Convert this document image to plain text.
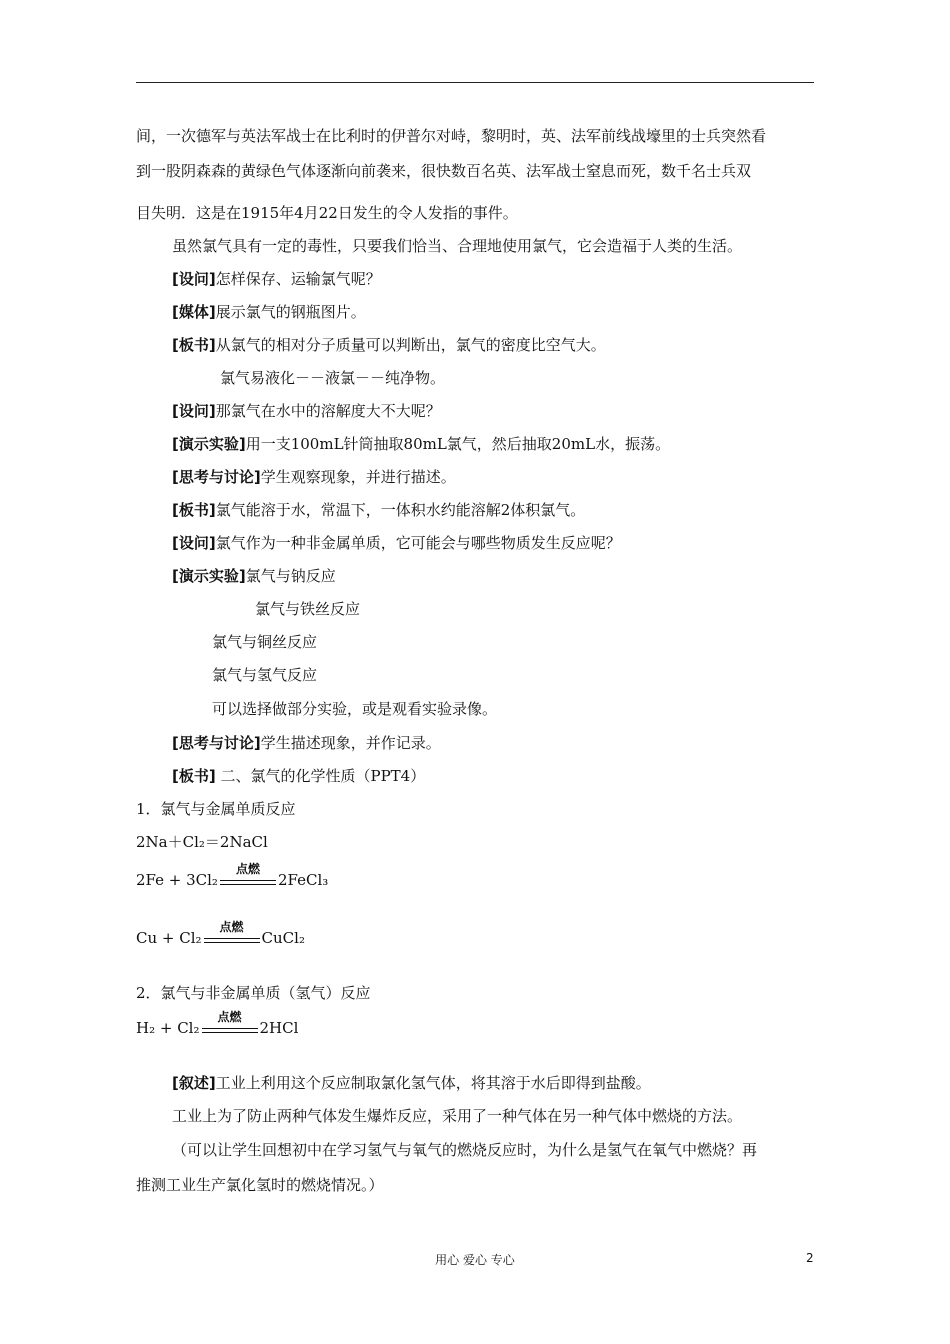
间，一次德军与英法军战士在比利时的伊普尔对峙，黎明时，英、法军前线战壕里的士兵突然看
到一股阴森森的黄绿色气体逐渐向前袭来，很快数百名英、法军战士窒息而死，数千名士兵双
目失明．这是在1915年4月22日发生的令人发指的事件。
虽然氯气具有一定的毒性，只要我们恰当、合理地使用氯气，它会造福于人类的生活。
[设问]怎样保存、运输氯气呢？
[媒体]展示氯气的钢瓶图片。
[板书]从氯气的相对分子质量可以判断出，氯气的密度比空气大。
氯气易液化－－液氯－－纯净物。
[设问]那氯气在水中的溶解度大不大呢？
[演示实验]用一支100mL针筒抽取80mL氯气，然后抽取20mL水，振荡。
[思考与讨论]学生观察现象，并进行描述。
[板书]氯气能溶于水，常温下，一体积水约能溶解2体积氯气。
[设问]氯气作为一种非金属单质，它可能会与哪些物质发生反应呢？
[演示实验]氯气与钠反应
氯气与铁丝反应
氯气与铜丝反应
氯气与氢气反应
可以选择做部分实验，或是观看实验录像。
[思考与讨论]学生描述现象，并作记录。
[板书] 二、氯气的化学性质（PPT4）
1．氯气与金属单质反应
2Na＋Cl₂＝2NaCl
2Fe + 3Cl₂
点燃
2FeCl₃
Cu + Cl₂
点燃
CuCl₂
2．氯气与非金属单质（氢气）反应
H₂ + Cl₂
点燃
2HCl
[叙述]工业上利用这个反应制取氯化氢气体，将其溶于水后即得到盐酸。
工业上为了防止两种气体发生爆炸反应，采用了一种气体在另一种气体中燃烧的方法。
（可以让学生回想初中在学习氢气与氧气的燃烧反应时，为什么是氢气在氧气中燃烧？再
推测工业生产氯化氢时的燃烧情况。）
用心 爱心 专心	2
